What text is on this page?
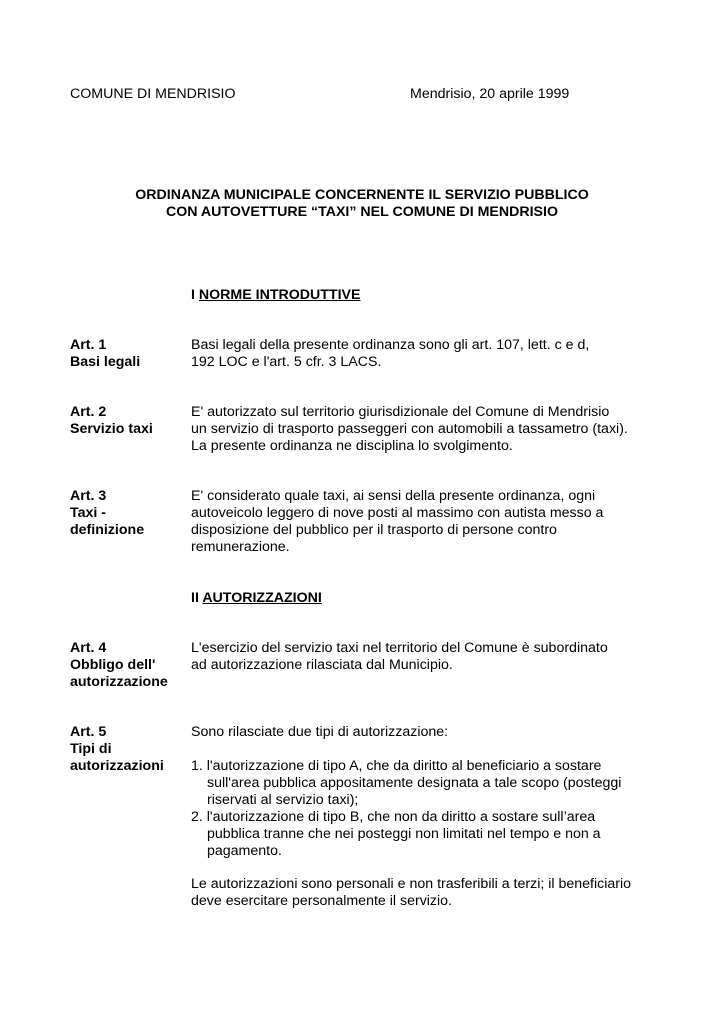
COMUNE DI MENDRISIO	Mendrisio, 20 aprile 1999
ORDINANZA MUNICIPALE CONCERNENTE IL SERVIZIO PUBBLICO
CON AUTOVETTURE “TAXI” NEL COMUNE DI MENDRISIO
I NORME INTRODUTTIVE
Art. 1
Basi legali
Basi legali della presente ordinanza sono gli art. 107, lett. c e d,
192 LOC e l'art. 5 cfr. 3 LACS.
Art. 2
Servizio taxi
E' autorizzato sul territorio giurisdizionale del Comune di Mendrisio
un servizio di trasporto passeggeri con automobili a tassametro (taxi).
La presente ordinanza ne disciplina lo svolgimento.
Art. 3
Taxi -
definizione
E' considerato quale taxi, ai sensi della presente ordinanza, ogni
autoveicolo leggero di nove posti al massimo con autista messo a
disposizione del pubblico per il trasporto di persone contro
remunerazione.
II AUTORIZZAZIONI
Art. 4
Obbligo dell'
autorizzazione
L'esercizio del servizio taxi nel territorio del Comune è subordinato
ad autorizzazione rilasciata dal Municipio.
Art. 5
Tipi di
autorizzazioni
Sono rilasciate due tipi di autorizzazione:
1. l'autorizzazione di tipo A, che da diritto al beneficiario a sostare
sull'area pubblica appositamente designata a tale scopo (posteggi
riservati al servizio taxi);
2. l'autorizzazione di tipo B, che non da diritto a sostare sull’area
pubblica tranne che nei posteggi non limitati nel tempo e non a
pagamento.
Le autorizzazioni sono personali e non trasferibili a terzi; il beneficiario
deve esercitare personalmente il servizio.
